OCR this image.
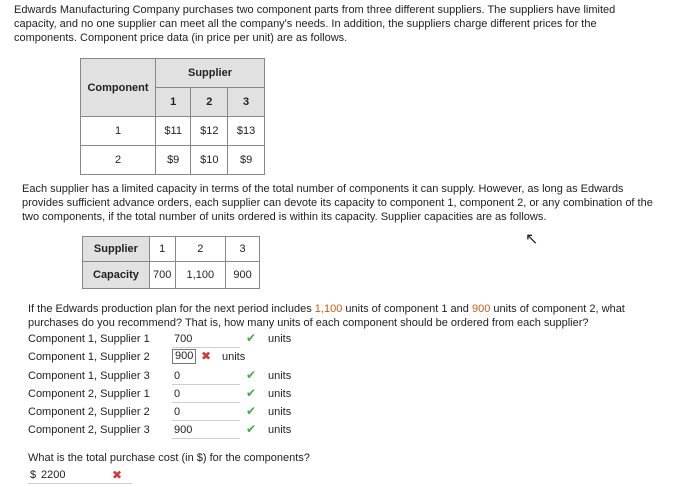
Edwards Manufacturing Company purchases two component parts from three different suppliers. The suppliers have limited
capacity, and no one supplier can meet all the company's needs. In addition, the suppliers charge different prices for the
components. Component price data (in price per unit) are as follows.
Component	Supplier		
	1	2	3
1	$11	$12	$13
2	$9	$10	$9
Each supplier has a limited capacity in terms of the total number of components it can supply. However, as long as Edwards
provides sufficient advance orders, each supplier can devote its capacity to component 1, component 2, or any combination of the
two components, if the total number of units ordered is within its capacity. Supplier capacities are as follows.
↖
Supplier	1	2	3
Capacity	700	1,100	900
If the Edwards production plan for the next period includes 1,100 units of component 1 and 900 units of component 2, what
purchases do you recommend? That is, how many units of each component should be ordered from each supplier?
Component 1, Supplier 1 700	✔ units
Component 1, Supplier 2 900 ✖ units
Component 1, Supplier 3 0	✔ units
Component 2, Supplier 1 0	✔ units
Component 2, Supplier 2 0	✔ units
Component 2, Supplier 3 900	✔ units
What is the total purchase cost (in $) for the components?
$ 2200	✖
